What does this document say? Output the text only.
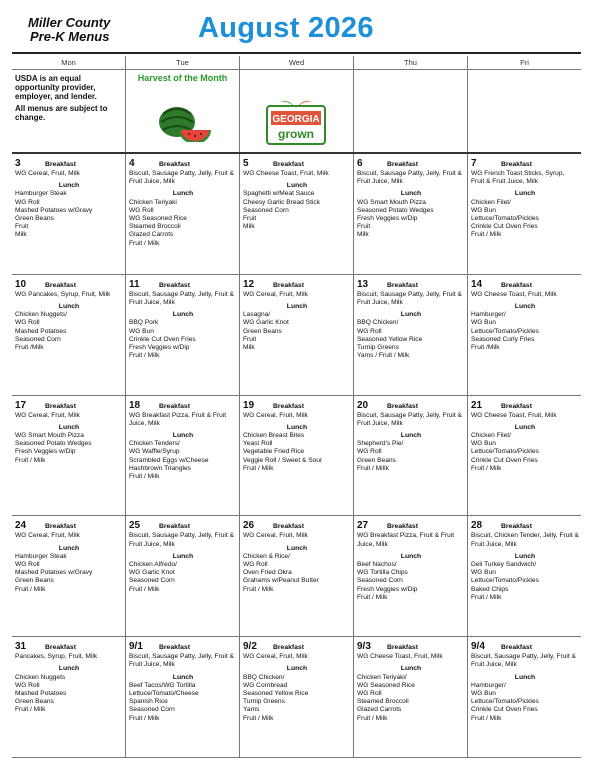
Miller County
Pre-K Menus	August 2026
Mon	Tue	Wed	Thu	Fri

USDA is an equal opportunity provider, employer, and lender.

All menus are subject to change.

Harvest of the Month
GEORGIA
grown
3	Breakfast
WG Cereal, Fruit, Milk
Lunch
Hamburger Steak
WG Roll
Mashed Potatoes w/Gravy
Green Beans
Fruit
Milk
4	Breakfast
Biscuit, Sausage Patty, Jelly, Fruit & Fruit Juice, Milk
Lunch
Chicken Teriyaki
WG Roll
WG Seasoned Rice
Steamed Broccoli
Glazed Carrots
Fruit / Milk
5	Breakfast
WG Cheese Toast, Fruit, Milk
Lunch
Spaghetti w/Meat Sauce
Cheesy Garlic Bread Stick
Seasoned Corn
Fruit
Milk
6	Breakfast
Biscuit, Sausage Patty, Jelly, Fruit & Fruit Juice, Milk
Lunch
WG Smart Mouth Pizza
Seasoned Potato Wedges
Fresh Veggies w/Dip
Fruit
Milk
7	Breakfast
WG French Toast Sticks, Syrup, Fruit & Fruit Juice, Milk
Lunch
Chicken Filet/
WG Bun
Lettuce/Tomato/Pickles
Crinkle Cut Oven Fries
Fruit / Milk
10	Breakfast
WG Pancakes, Syrup, Fruit, Milk
Lunch
Chicken Nuggets/
WG Roll
Mashed Potatoes
Seasoned Corn
Fruit /Milk
11	Breakfast
Biscuit, Sausage Patty, Jelly, Fruit & Fruit Juice, Milk
Lunch
BBQ Pork
WG Bun
Crinkle Cut Oven Fries
Fresh Veggies w/Dip
Fruit / Milk
12	Breakfast
WG Cereal, Fruit, Milk
Lunch
Lasagna/
WG Garlic Knot
Green Beans
Fruit
Milk
13	Breakfast
Biscuit, Sausage Patty, Jelly, Fruit & Fruit Juice, Milk
Lunch
BBQ Chicken/
WG Roll
Seasoned Yellow Rice
Turnip Greens
Yams / Fruit / Milk
14	Breakfast
WG Cheese Toast, Fruit, Milk
Lunch
Hamburger/
WG Bun
Lettuce/Tomato/Pickles
Seasoned Curly Fries
Fruit /Milk
17	Breakfast
WG Cereal, Fruit, Milk
Lunch
WG Smart Mouth Pizza
Seasoned Potato Wedges
Fresh Veggies w/Dip
Fruit / Milk
18	Breakfast
WG Breakfast Pizza, Fruit & Fruit Juice, Milk
Lunch
Chicken Tenders/
WG Waffle/Syrup
Scrambled Eggs w/Cheese
Hashbrown Triangles
Fruit / Milk
19	Breakfast
WG Cereal, Fruit, Milk
Lunch
Chicken Breast Bites
Yeast Roll
Vegetable Fried Rice
Veggie Roll / Sweet & Sour
Fruit / Milk
20	Breakfast
Biscuit, Sausage Patty, Jelly, Fruit & Fruit Juice, Milk
Lunch
Shepherd's Pie/
WG Roll
Green Beans
Fruit / Millk
21	Breakfast
WG Cheese Toast, Fruit, Milk
Lunch
Chicken Filet/
WG Bun
Lettuce/Tomato/Pickles
Crinkle Cut Oven Fries
Fruit / Milk
24	Breakfast
WG Cereal, Fruit, Milk
Lunch
Hamburger Steak
WG Roll
Mashed Potatoes w/Gravy
Green Beans
Fruit / Milk
25	Breakfast
Biscuit, Sausage Patty, Jelly, Fruit & Fruit Juice, Milk
Lunch
Chicken Alfredo/
WG Garlic Knot
Seasoned Corn
Fruit / Milk
26	Breakfast
WG Cereal, Fruit, Milk
Lunch
Chicken & Rice/
WG Roll
Oven Fried Okra
Grahams w/Peanut Butter
Fruit / Milk
27	Breakfast
WG Breakfast Pizza, Fruit & Fruit Juice, Milk
Lunch
Beef Nachos/
WG Tortilla Chips
Seasoned Corn
Fresh Veggies w/Dip
Fruit / Milk
28	Breakfast
Biscuit, Chicken Tender, Jelly, Fruit & Fruit Juice, Milk
Lunch
Deli Turkey Sandwich/
WG Bun
Lettuce/Tomato/Pickles
Baked Chips
Fruit / Milk
31	Breakfast
Pancakes, Syrup, Fruit, Milk
Lunch
Chicken Nuggets
WG Roll
Mashed Potatoes
Green Beans
Fruit / Milk
9/1	Breakfast
Biscuit, Sausage Patty, Jelly, Fruit & Fruit Juice, Milk
Lunch
Beef Tacos/WG Tortilla
Lettuce/Tomato/Cheese
Spanish Rice
Seasoned Corn
Fruit / Milk
9/2	Breakfast
WG Cereal, Fruit, Milk
Lunch
BBQ Chicken/
WG Cornbread
Seasoned Yellow Rice
Turnip Greens
Yams
Fruit / Milk
9/3	Breakfast
WG Cheese Toast, Fruit, Milk
Lunch
Chicken Teriyaki/
WG Seasoned Rice
WG Roll
Steamed Broccoli
Glazed Carrots
Fruit / Milk
9/4	Breakfast
Biscuit, Sausage Patty, Jelly, Fruit & Fruit Juice, Milk
Lunch
Hamburger/
WG Bun
Lettuce/Tomato/Pickles
Crinkle Cut Oven Fries
Fruit / Milk
